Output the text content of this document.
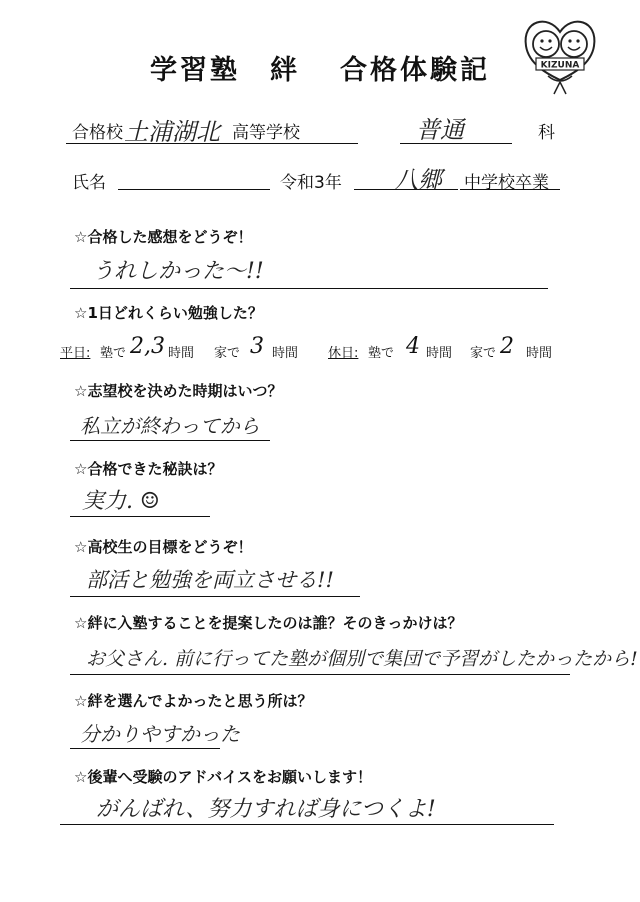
学習塾　絆 合格体験記	KIZUNA
合格校 土浦湖北 高等学校	普通	科
氏名	令和3年 八郷 中学校卒業
☆合格した感想をどうぞ！
うれしかった〜!!
☆1日どれくらい勉強した？
平日: 塾で 2,3 時間 家で 3 時間 休日: 塾で 4 時間 家で 2 時間
☆志望校を決めた時期はいつ？
私立が終わってから
☆合格できた秘訣は？
実力. ☺
☆高校生の目標をどうぞ！
部活と勉強を両立させる!!
☆絆に入塾することを提案したのは誰？そのきっかけは？
お父さん. 前に行ってた塾が個別で集団で予習がしたかったから!
☆絆を選んでよかったと思う所は？
分かりやすかった
☆後輩へ受験のアドバイスをお願いします！
がんばれ、努力すれば身につくよ!
